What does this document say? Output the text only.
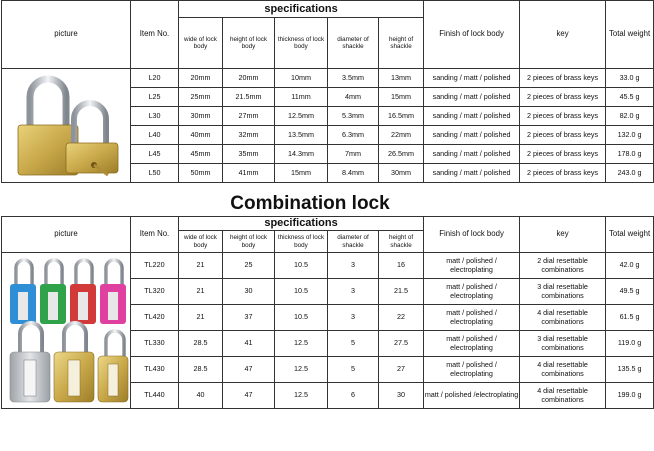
picture	Item No.	specifications					Finish of lock body	key	Total weight
		wide of lock body	height of lock body	thickness of lock body	diameter of shackle	height of shackle			

	L20	20mm	20mm	10mm	3.5mm	13mm	sanding / matt / polished	2 pieces of brass keys	33.0 g
	L25	25mm	21.5mm	11mm	4mm	15mm	sanding / matt / polished	2 pieces of brass keys	45.5 g
	L30	30mm	27mm	12.5mm	5.3mm	16.5mm	sanding / matt / polished	2 pieces of brass keys	82.0 g
	L40	40mm	32mm	13.5mm	6.3mm	22mm	sanding / matt / polished	2 pieces of brass keys	132.0 g
	L45	45mm	35mm	14.3mm	7mm	26.5mm	sanding / matt / polished	2 pieces of brass keys	178.0 g
	L50	50mm	41mm	15mm	8.4mm	30mm	sanding / matt / polished	2 pieces of brass keys	243.0 g
Combination lock
picture	Item No.	specifications					Finish of lock body	key	Total weight
		wide of lock body	height of lock body	thickness of lock body	diameter of shackle	height of shackle			

	TL220	21	25	10.5	3	16	matt / polished / electroplating	2 dial resettable combinations	42.0 g
	TL320	21	30	10.5	3	21.5	matt / polished / electroplating	3 dial resettable combinations	49.5 g
	TL420	21	37	10.5	3	22	matt / polished / electroplating	4 dial resettable combinations	61.5 g
	TL330	28.5	41	12.5	5	27.5	matt / polished / electroplating	3 dial resettable combinations	119.0 g
	TL430	28.5	47	12.5	5	27	matt / polished / electroplating	4 dial resettable combinations	135.5 g
	TL440	40	47	12.5	6	30	matt / polished /electroplating	4 dial resettable combinations	199.0 g
